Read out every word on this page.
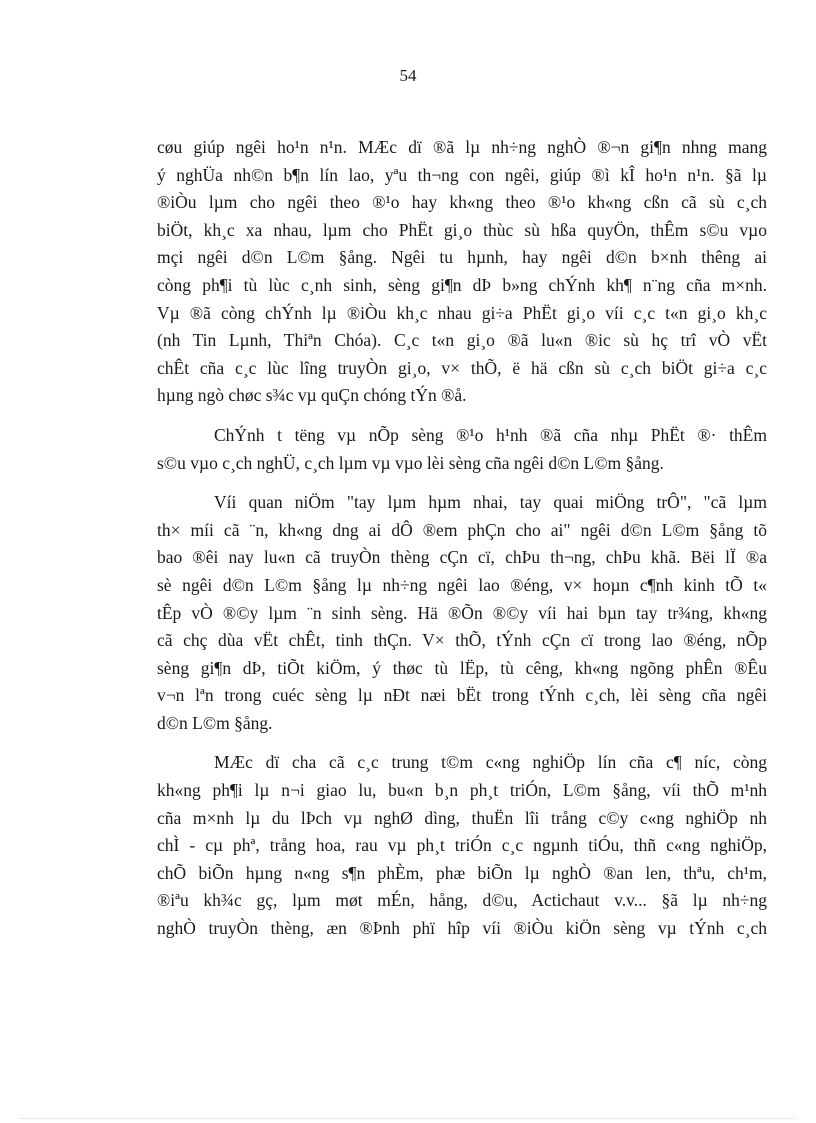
54
cøu giúp ngêi ho¹n n¹n. MÆc dï ®ã lµ nh÷ng nghÒ ®¬n gi¶n nhng mang
ý nghÜa nh©n b¶n lín lao, yªu th¬ng con ngêi, giúp ®ì kÎ ho¹n n¹n. §ã lµ
®iÒu lµm cho ngêi theo ®¹o hay kh«ng theo ®¹o kh«ng cßn cã sù c¸ch
biÖt, kh¸c xa nhau, lµm cho PhËt gi¸o thùc sù hßa quyÖn, thÊm s©u vµo
mçi ngêi d©n L©m §ång. Ngêi tu hµnh, hay ngêi d©n b×nh thêng ai
còng ph¶i tù lùc c¸nh sinh, sèng gi¶n dÞ b»ng chÝnh kh¶ n¨ng cña m×nh.
Vµ ®ã còng chÝnh lµ ®iÒu kh¸c nhau gi÷a PhËt gi¸o víi c¸c t«n gi¸o kh¸c
(nh Tin Lµnh, Thiªn Chóa). C¸c t«n gi¸o ®ã lu«n ®ic sù hç trî vÒ vËt
chÊt cña c¸c lùc lîng truyÒn gi¸o, v× thÕ, ë hä cßn sù c¸ch biÖt gi÷a c¸c
hµng ngò chøc s¾c vµ quÇn chóng tÝn ®å.
ChÝnh t tëng vµ nÕp sèng ®¹o h¹nh ®ã cña nhµ PhËt ®· thÊm
s©u vµo c¸ch nghÜ, c¸ch lµm vµ vµo lèi sèng cña ngêi d©n L©m §ång.
Víi quan niÖm "tay lµm hµm nhai, tay quai miÖng trÔ", "cã lµm
th× míi cã ¨n, kh«ng dng ai dÔ ®em phÇn cho ai" ngêi d©n L©m §ång tõ
bao ®êi nay lu«n cã truyÒn thèng cÇn cï, chÞu th¬ng, chÞu khã. Bëi lÏ ®a
sè ngêi d©n L©m §ång lµ nh÷ng ngêi lao ®éng, v× hoµn c¶nh kinh tÕ t«
tÊp vÒ ®©y lµm ¨n sinh sèng. Hä ®Õn ®©y víi hai bµn tay tr¾ng, kh«ng
cã chç dùa vËt chÊt, tinh thÇn. V× thÕ, tÝnh cÇn cï trong lao ®éng, nÕp
sèng gi¶n dÞ, tiÕt kiÖm, ý thøc tù lËp, tù cêng, kh«ng ngõng phÊn ®Êu
v¬n lªn trong cuéc sèng lµ nÐt næi bËt trong tÝnh c¸ch, lèi sèng cña ngêi
d©n L©m §ång.
MÆc dï cha cã c¸c trung t©m c«ng nghiÖp lín cña c¶ níc, còng
kh«ng ph¶i lµ n¬i giao lu, bu«n b¸n ph¸t triÓn, L©m §ång, víi thÕ m¹nh
cña m×nh lµ du lÞch vµ nghØ dìng, thuËn lîi trång c©y c«ng nghiÖp nh
chÌ - cµ phª, trång hoa, rau vµ ph¸t triÓn c¸c ngµnh tiÓu, thñ c«ng nghiÖp,
chÕ biÕn hµng n«ng s¶n phÈm, phæ biÕn lµ nghÒ ®an len, thªu, ch¹m,
®iªu kh¾c gç, lµm møt mÉn, hång, d©u, Actichaut v.v... §ã lµ nh÷ng
nghÒ truyÒn thèng, æn ®Þnh phï hîp víi ®iÒu kiÖn sèng vµ tÝnh c¸ch
